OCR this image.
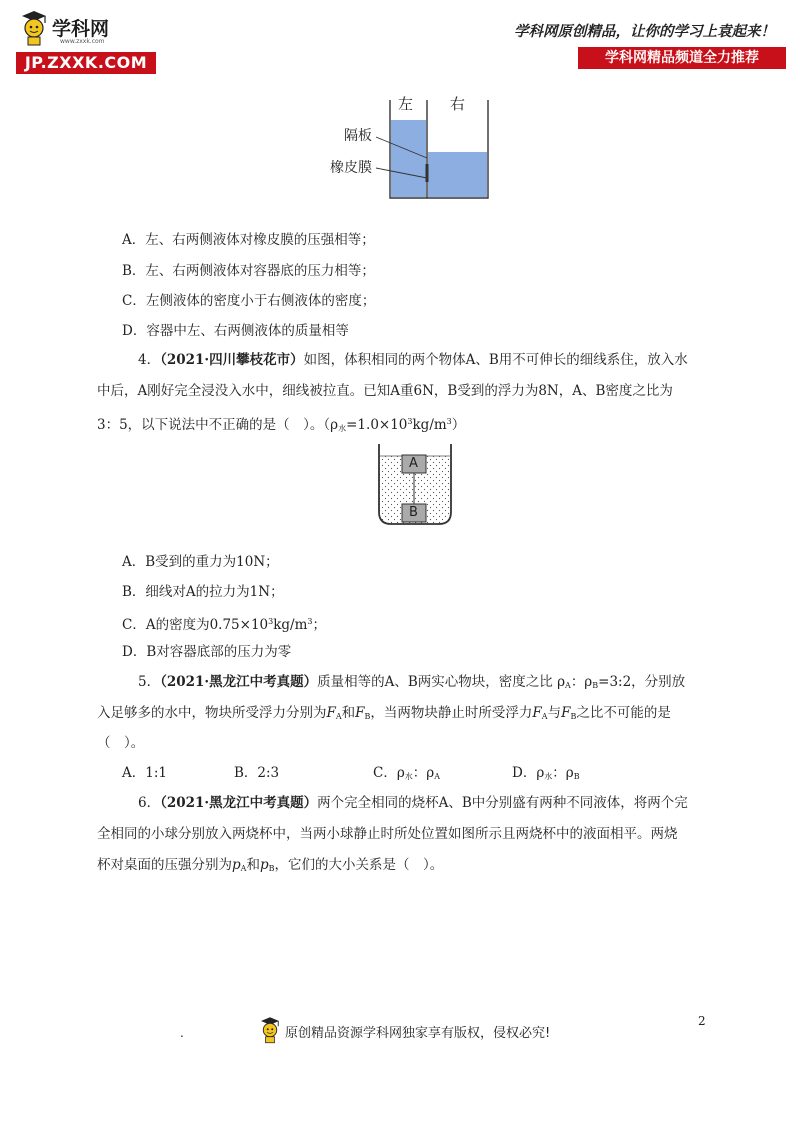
学科网
www.zxxk.com
JP.ZXXK.COM
学科网原创精品，让你的学习上袁起来！
学科网精品频道全力推荐
左 右
隔板
橡皮膜
A．左、右两侧液体对橡皮膜的压强相等；
B．左、右两侧液体对容器底的压力相等；
C．左侧液体的密度小于右侧液体的密度；
D．容器中左、右两侧液体的质量相等
4．（2021·四川攀枝花市）如图，体积相同的两个物体A、B用不可伸长的细线系住，放入水
中后，A刚好完全浸没入水中，细线被拉直。已知A重6N，B受到的浮力为8N，A、B密度之比为
3：5，以下说法中不正确的是（　）。$(\rho_水=1.0\times 10^3kg/m^3)$
A
B
A．B受到的重力为10N；
B．细线对A的拉力为1N；
C．A的密度为$0.75\times 10^3kg/m^3$；
D．B对容器底部的压力为零
5．（2021·黑龙江中考真题）质量相等的A、B两实心物块，密度之比 $\rho_A$：$\rho_B=3:2$，分别放
入足够多的水中，物块所受浮力分别为$F_A$和$F_B$，当两物块静止时所受浮力$F_A$与$F_B$之比不可能的是
（　）。
A．1:1	B．2:3	C．$\rho_水$：$\rho_A$	D．$\rho_水$：$\rho_B$
6．（2021·黑龙江中考真题）两个完全相同的烧杯A、B中分别盛有两种不同液体，将两个完
全相同的小球分别放入两烧杯中，当两小球静止时所处位置如图所示且两烧杯中的液面相平。两烧
杯对桌面的压强分别为$p_A$和$p_B$，它们的大小关系是（　）。
2
.	原创精品资源学科网独家享有版权，侵权必究!
